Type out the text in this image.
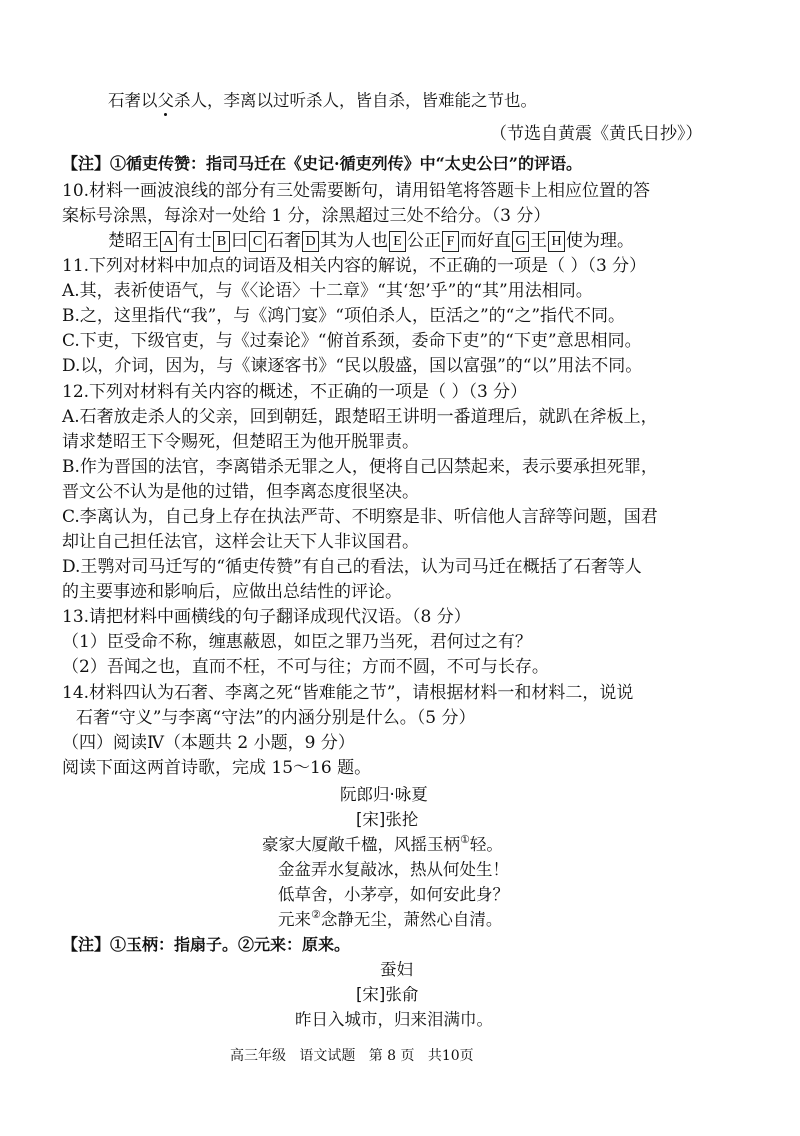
石奢以父杀人，李离以过听杀人，皆自杀，皆难能之节也。
（节选自黄震《黄氏日抄》）
【注】①循吏传赞：指司马迁在《史记·循吏列传》中“太史公曰”的评语。
10.材料一画波浪线的部分有三处需要断句，请用铅笔将答题卡上相应位置的答
案标号涂黑，每涂对一处给 1 分，涂黑超过三处不给分。（3 分）
楚昭王 A 有士 B 曰 C 石奢 D 其为人也 E 公正 F 而好直 G 王 H 使为理。
11.下列对材料中加点的词语及相关内容的解说，不正确的一项是（ ）（3 分）
A.其，表祈使语气，与《〈论语〉十二章》“其‘恕’乎”的“其”用法相同。
B.之，这里指代“我”，与《鸿门宴》“项伯杀人，臣活之”的“之”指代不同。
C.下吏，下级官吏，与《过秦论》“俯首系颈，委命下吏”的“下吏”意思相同。
D.以，介词，因为，与《谏逐客书》“民以殷盛，国以富强”的“以”用法不同。
12.下列对材料有关内容的概述，不正确的一项是（ ）（3 分）
A.石奢放走杀人的父亲，回到朝廷，跟楚昭王讲明一番道理后，就趴在斧板上，
请求楚昭王下令赐死，但楚昭王为他开脱罪责。
B.作为晋国的法官，李离错杀无罪之人，便将自己囚禁起来，表示要承担死罪，
晋文公不认为是他的过错，但李离态度很坚决。
C.李离认为，自己身上存在执法严苛、不明察是非、听信他人言辞等问题，国君
却让自己担任法官，这样会让天下人非议国君。
D.王鹗对司马迁写的“循吏传赞”有自己的看法，认为司马迁在概括了石奢等人
的主要事迹和影响后，应做出总结性的评论。
13.请把材料中画横线的句子翻译成现代汉语。（8 分）
（1）臣受命不称，缠惠蔽恩，如臣之罪乃当死，君何过之有？
（2）吾闻之也，直而不枉，不可与往；方而不圆，不可与长存。
14.材料四认为石奢、李离之死“皆难能之节”，请根据材料一和材料二，说说
石奢“守义”与李离“守法”的内涵分别是什么。（5 分）
（四）阅读Ⅳ（本题共 2 小题，9 分）
阅读下面这两首诗歌，完成 15～16 题。
阮郎归·咏夏
[宋]张抡
豪家大厦敞千楹，风摇玉柄①轻。
金盆弄水复敲冰，热从何处生！
低草舍，小茅亭，如何安此身？
元来②念静无尘，萧然心自清。
【注】①玉柄：指扇子。②元来：原来。
蚕妇
[宋]张俞
昨日入城市，归来泪满巾。
高三年级   语文试题   第 8 页   共10页
